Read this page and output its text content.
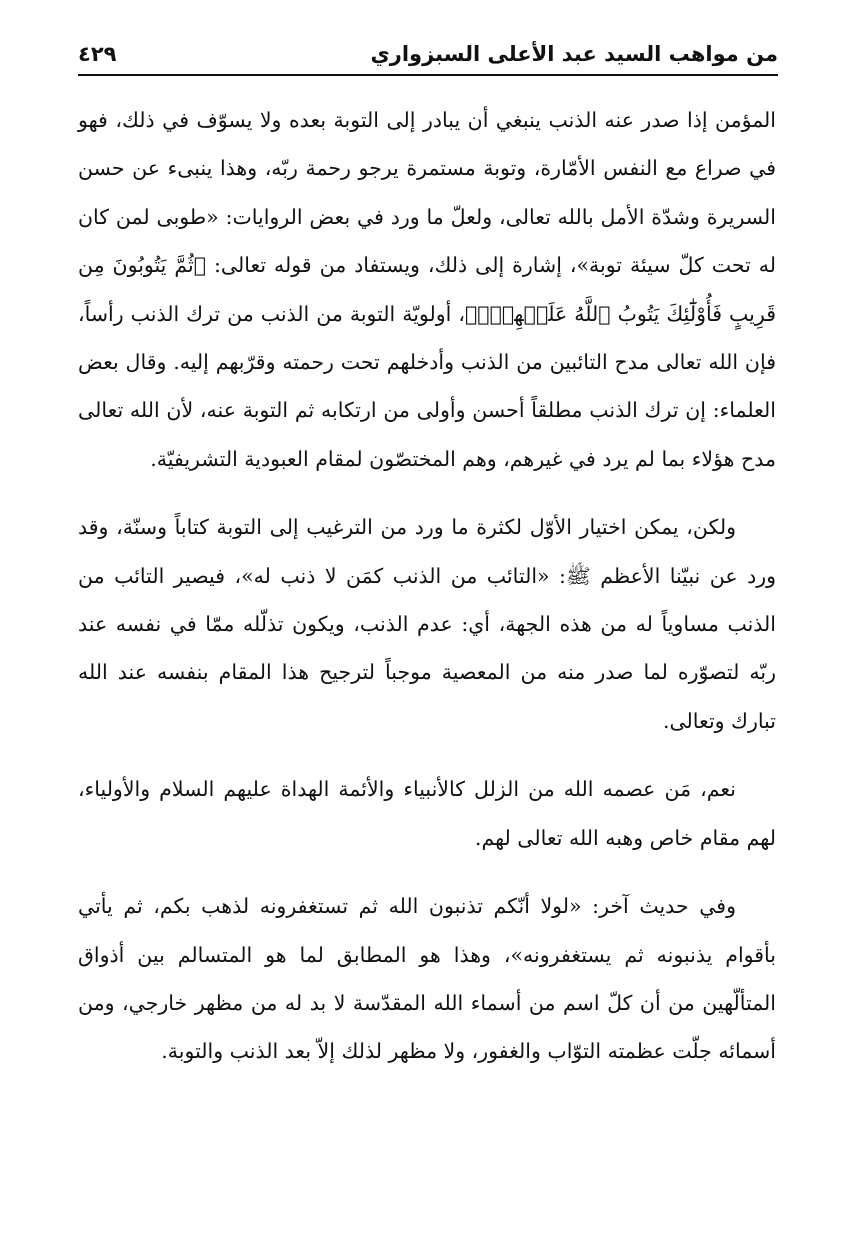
من مواهب السيد عبد الأعلى السبزواري
٤٢٩

المؤمن إذا صدر عنه الذنب ينبغي أن يبادر إلى التوبة بعده ولا يسوّف في ذلك، فهو في صراع مع النفس الأمّارة، وتوبة مستمرة يرجو رحمة ربّه، وهذا ينبىء عن حسن السريرة وشدّة الأمل بالله تعالى، ولعلّ ما ورد في بعض الروايات: «طوبى لمن كان له تحت كلّ سيئة توبة»، إشارة إلى ذلك، ويستفاد من قوله تعالى: ﴿ثُمَّ يَتُوبُونَ مِن قَرِيبٍ فَأُوْلَٰٓئِكَ يَتُوبُ ٱللَّهُ عَلَيۡهِمۡۗ﴾، أولويّة التوبة من الذنب من ترك الذنب رأساً، فإن الله تعالى مدح التائبين من الذنب وأدخلهم تحت رحمته وقرّبهم إليه. وقال بعض العلماء: إن ترك الذنب مطلقاً أحسن وأولى من ارتكابه ثم التوبة عنه، لأن الله تعالى مدح هؤلاء بما لم يرد في غيرهم، وهم المختصّون لمقام العبودية التشريفيّة.

ولكن، يمكن اختيار الأوّل لكثرة ما ورد من الترغيب إلى التوبة كتاباً وسنّة، وقد ورد عن نبيّنا الأعظم ﷺ: «التائب من الذنب كمَن لا ذنب له»، فيصير التائب من الذنب مساوياً له من هذه الجهة، أي: عدم الذنب، ويكون تذلّله ممّا في نفسه عند ربّه لتصوّره لما صدر منه من المعصية موجباً لترجيح هذا المقام بنفسه عند الله تبارك وتعالى.

نعم، مَن عصمه الله من الزلل كالأنبياء والأئمة الهداة عليهم السلام والأولياء، لهم مقام خاص وهبه الله تعالى لهم.

وفي حديث آخر: «لولا أنّكم تذنبون الله ثم تستغفرونه لذهب بكم، ثم يأتي بأقوام يذنبونه ثم يستغفرونه»، وهذا هو المطابق لما هو المتسالم بين أذواق المتألّهين من أن كلّ اسم من أسماء الله المقدّسة لا بد له من مظهر خارجي، ومن أسمائه جلّت عظمته التوّاب والغفور، ولا مظهر لذلك إلاّ بعد الذنب والتوبة.
